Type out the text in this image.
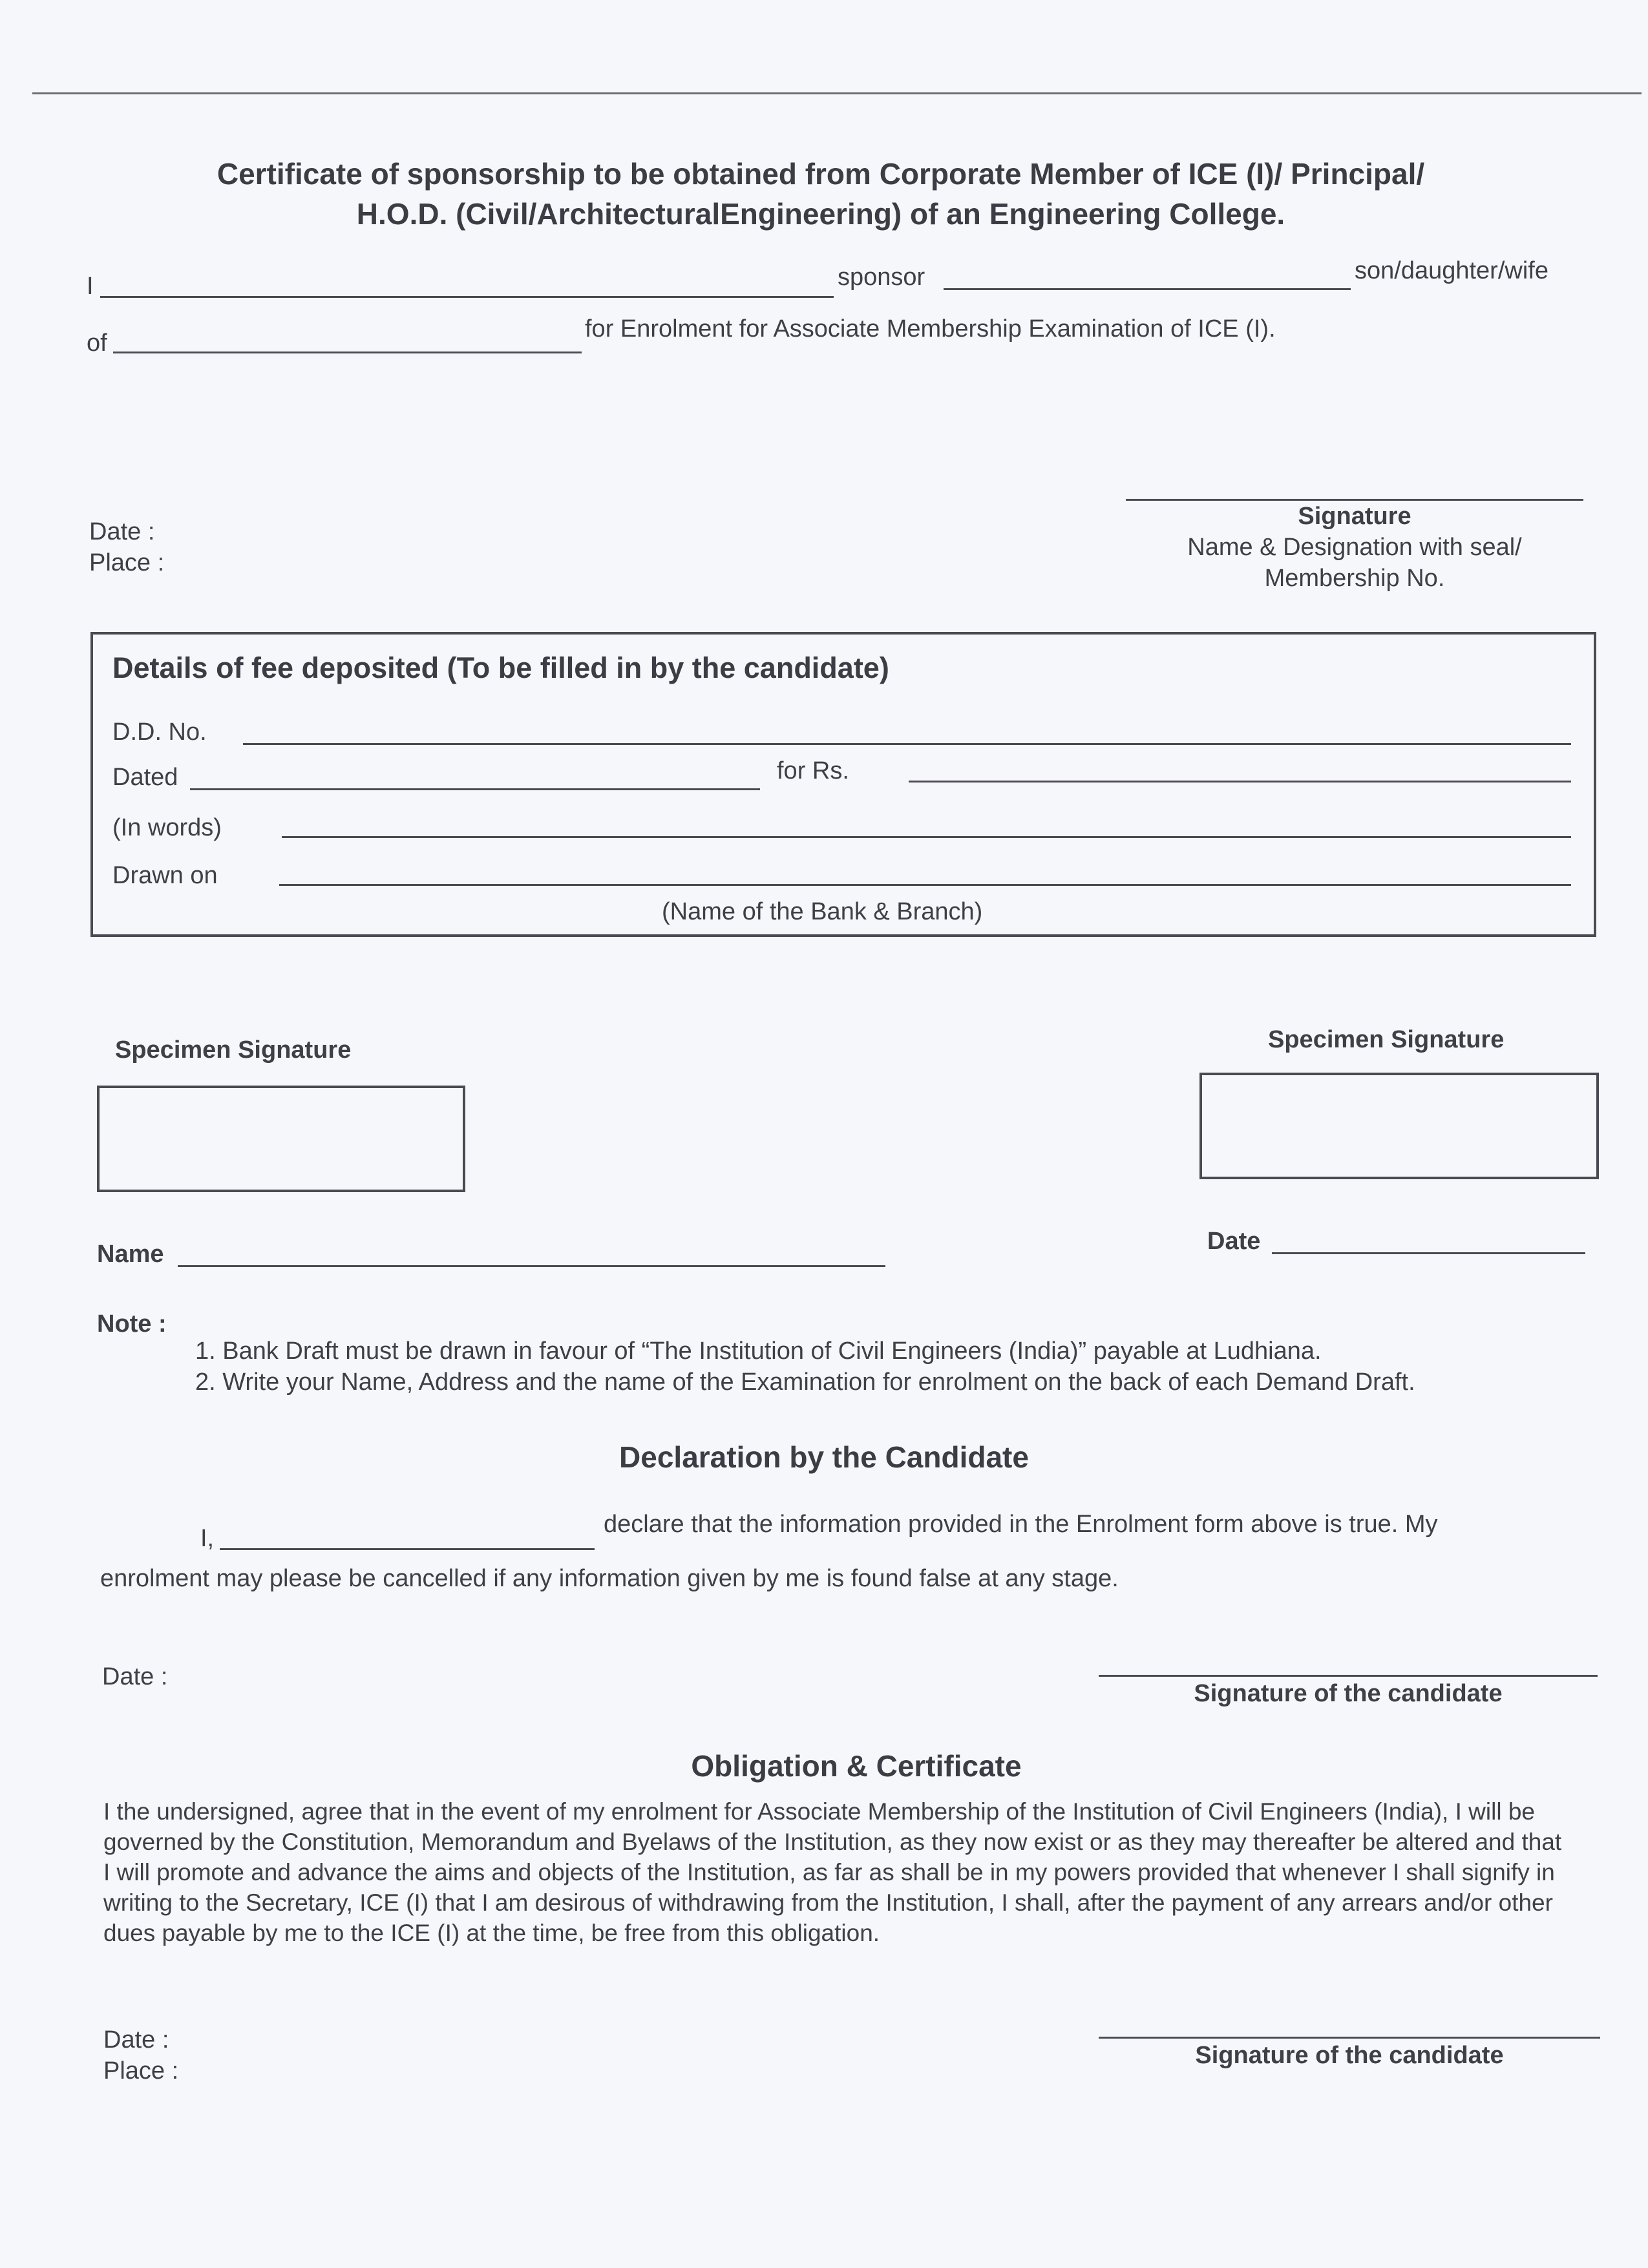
Certificate of sponsorship to be obtained from Corporate Member of ICE (I)/ Principal/
H.O.D. (Civil/ArchitecturalEngineering) of an Engineering College.
I	sponsor	son/daughter/wife
of
for Enrolment for Associate Membership Examination of ICE (I).
Signature
Name & Designation with seal/
Membership No.
Date :
Place :
Details of fee deposited (To be filled in by the candidate)
D.D. No.
Dated	for Rs.
(In words)
Drawn on
(Name of the Bank & Branch)
Specimen Signature	Specimen Signature
Name	Date
Note :
1. Bank Draft must be drawn in favour of “The Institution of Civil Engineers (India)” payable at Ludhiana.
2. Write your Name, Address and the name of the Examination for enrolment on the back of each Demand Draft.
Declaration by the Candidate
I,
declare that the information provided in the Enrolment form above is true. My
enrolment may please be cancelled if any information given by me is found false at any stage.
Date :
Signature of the candidate
Obligation & Certificate
I the undersigned, agree that in the event of my enrolment for Associate Membership of the Institution of Civil Engineers (India), I will be
governed by the Constitution, Memorandum and Byelaws of the Institution, as they now exist or as they may thereafter be altered and that
I will promote and advance the aims and objects of the Institution, as far as shall be in my powers provided that whenever I shall signify in
writing to the Secretary, ICE (I) that I am desirous of withdrawing from the Institution, I shall, after the payment of any arrears and/or other
dues payable by me to the ICE (I) at the time, be free from this obligation.
Date :
Place :
Signature of the candidate
